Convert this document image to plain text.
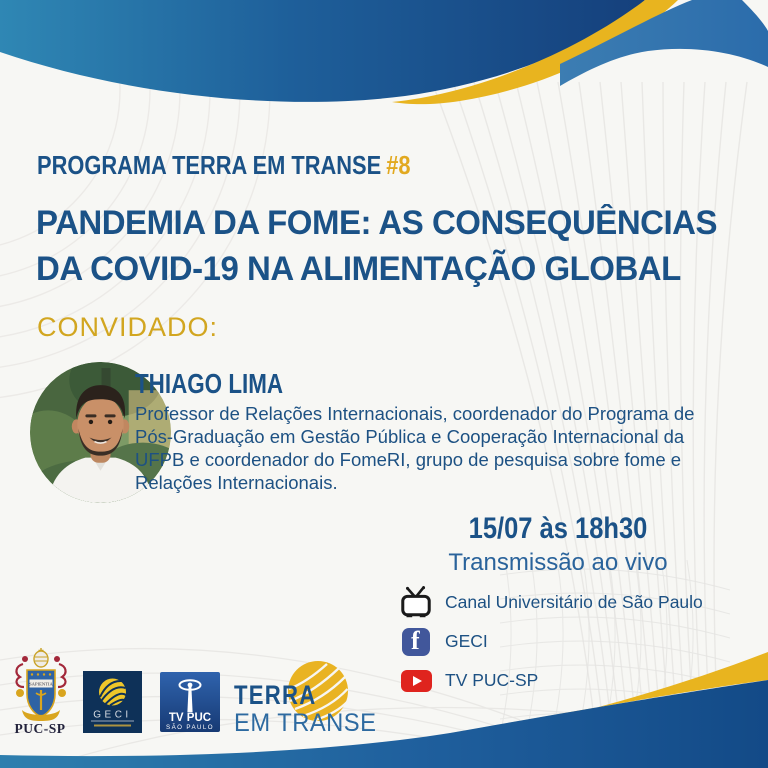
PROGRAMA TERRA EM TRANSE #8
PANDEMIA DA FOME: AS CONSEQUÊNCIAS
DA COVID-19 NA ALIMENTAÇÃO GLOBAL
CONVIDADO:
THIAGO LIMA
Professor de Relações Internacionais, coordenador do Programa de
Pós-Graduação em Gestão Pública e Cooperação Internacional da
UFPB e coordenador do FomeRI, grupo de pesquisa sobre fome e
Relações Internacionais.
15/07 às 18h30
Transmissão ao vivo
Canal Universitário de São Paulo
f GECI
TV PUC-SP
SAPIENTIA
PUC-SP
GECI	TV PUC
SÃO PAULO
TERRA
EM TRANSE
